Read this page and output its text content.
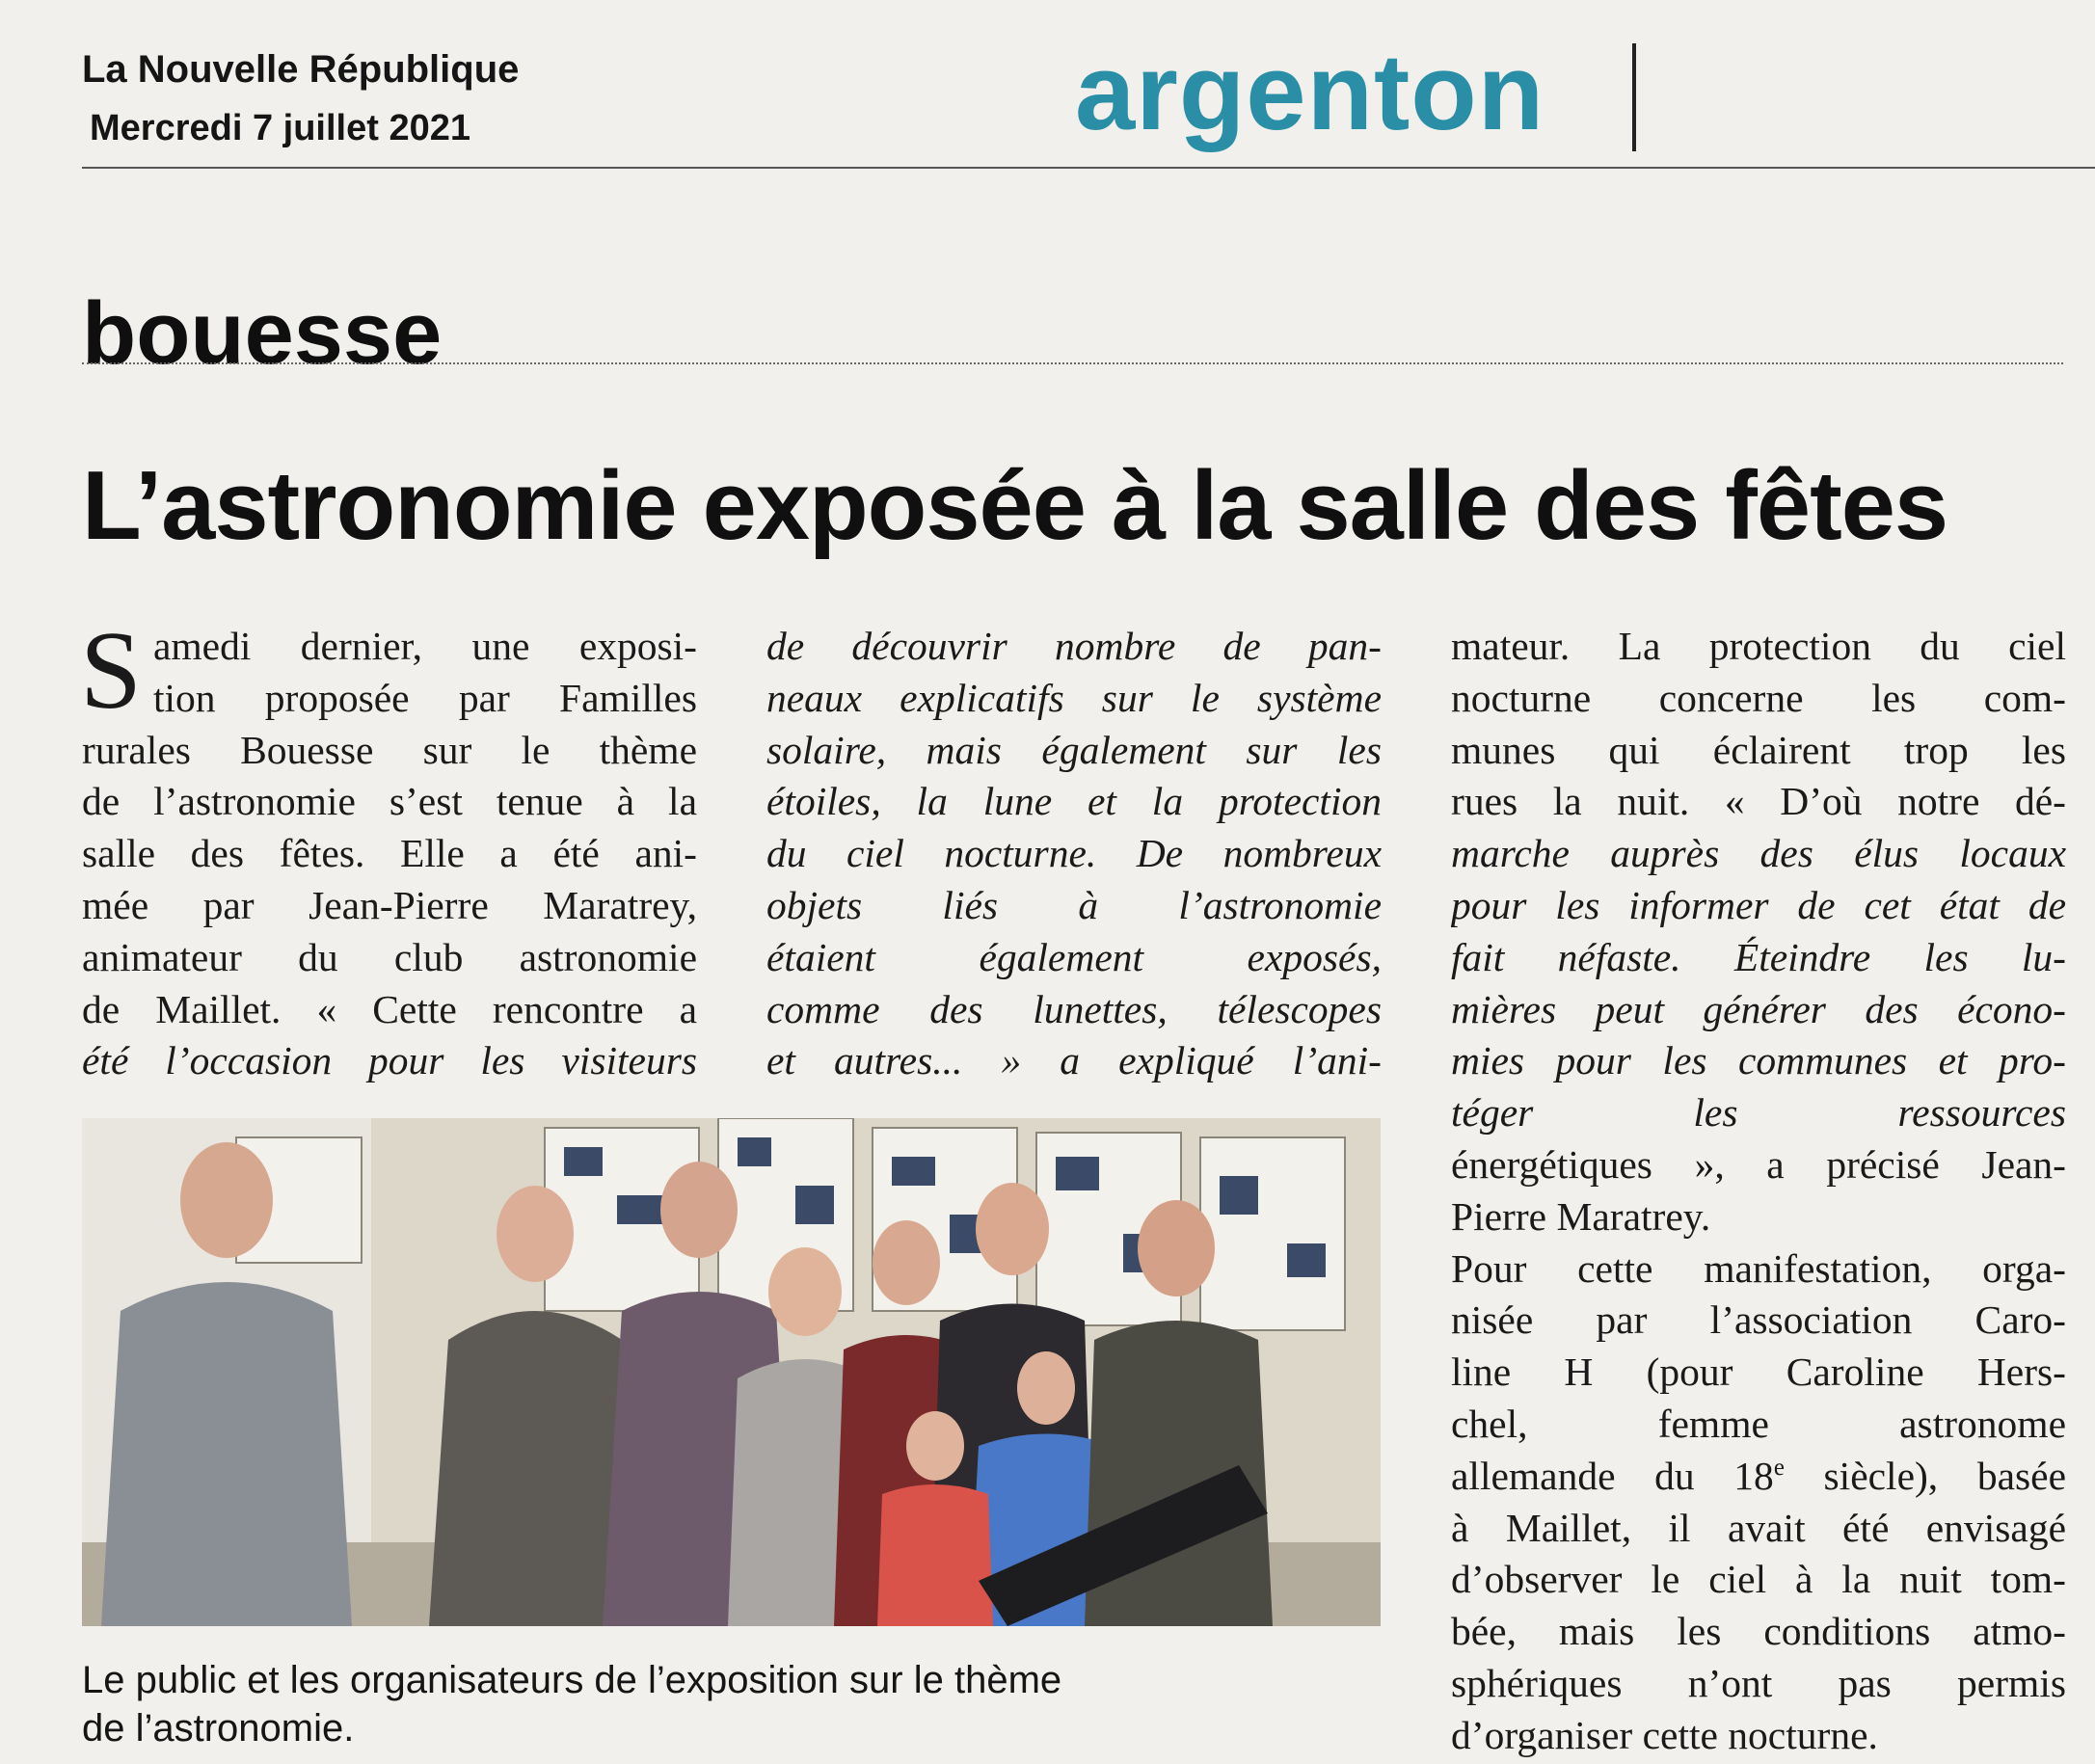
La Nouvelle République
Mercredi 7 juillet 2021	argenton
bouesse
L’astronomie exposée à la salle des fêtes
S amedi dernier, une exposi-
tion proposée par Familles
rurales Bouesse sur le thème
de l’astronomie s’est tenue à la
salle des fêtes. Elle a été ani-
mée par Jean-Pierre Maratrey,
animateur du club astronomie
de Maillet. « Cette rencontre a
été l’occasion pour les visiteurs
de découvrir nombre de pan-
neaux explicatifs sur le système
solaire, mais également sur les
étoiles, la lune et la protection
du ciel nocturne. De nombreux
objets liés à l’astronomie
étaient également exposés,
comme des lunettes, télescopes
et autres... » a expliqué l’ani-
mateur. La protection du ciel
nocturne concerne les com-
munes qui éclairent trop les
rues la nuit. « D’où notre dé-
marche auprès des élus locaux
pour les informer de cet état de
fait néfaste. Éteindre les lu-
mières peut générer des écono-
mies pour les communes et pro-
téger les ressources
énergétiques », a précisé Jean-
Pierre Maratrey.
Pour cette manifestation, orga-
nisée par l’association Caro-
line H (pour Caroline Hers-
chel, femme astronome
allemande du 18e siècle), basée
à Maillet, il avait été envisagé
d’observer le ciel à la nuit tom-
bée, mais les conditions atmo-
sphériques n’ont pas permis
d’organiser cette nocturne.
Le public et les organisateurs de l’exposition sur le thème
de l’astronomie.
